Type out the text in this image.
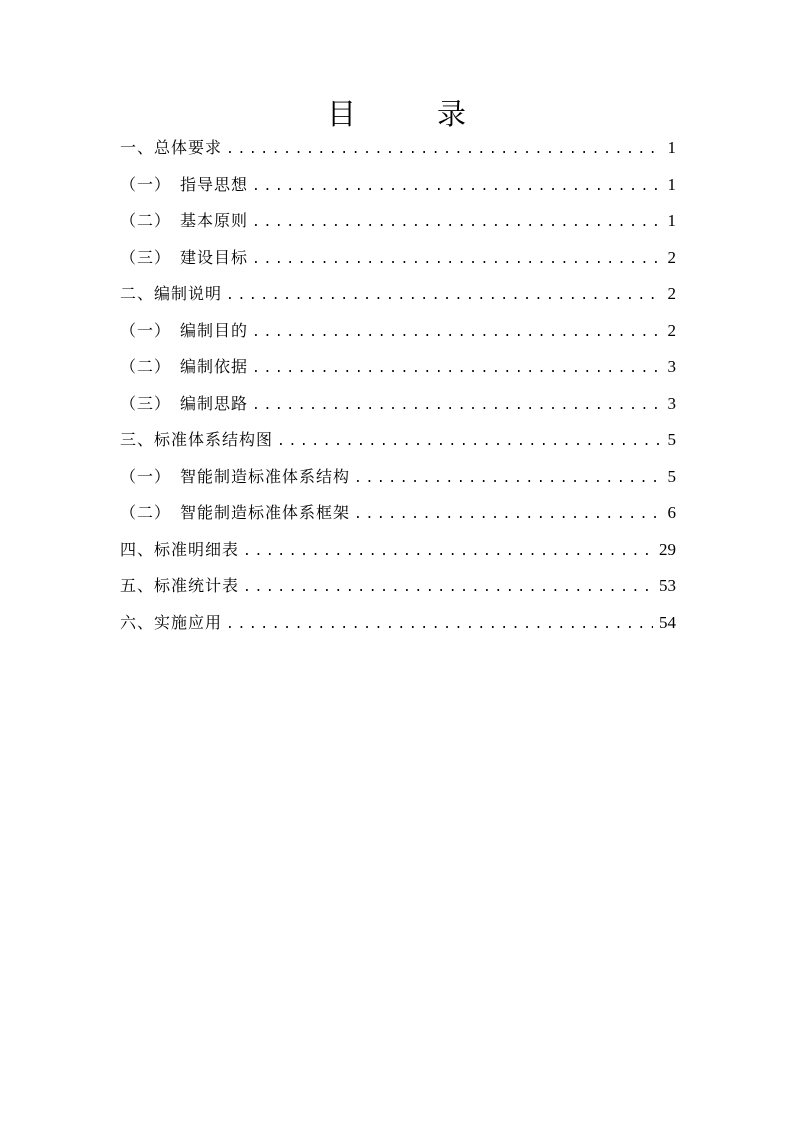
目　录
一、总体要求 .....	1
（一）　指导思想 .....	1
（二）　基本原则 .....	1
（三）　建设目标 .....	2
二、编制说明 .....	2
（一）　编制目的 .....	2
（二）　编制依据 .....	3
（三）　编制思路 .....	3
三、标准体系结构图 .....	5
（一）　智能制造标准体系结构 .....	5
（二）　智能制造标准体系框架 .....	6
四、标准明细表 .....	29
五、标准统计表 .....	53
六、实施应用 .....	54
